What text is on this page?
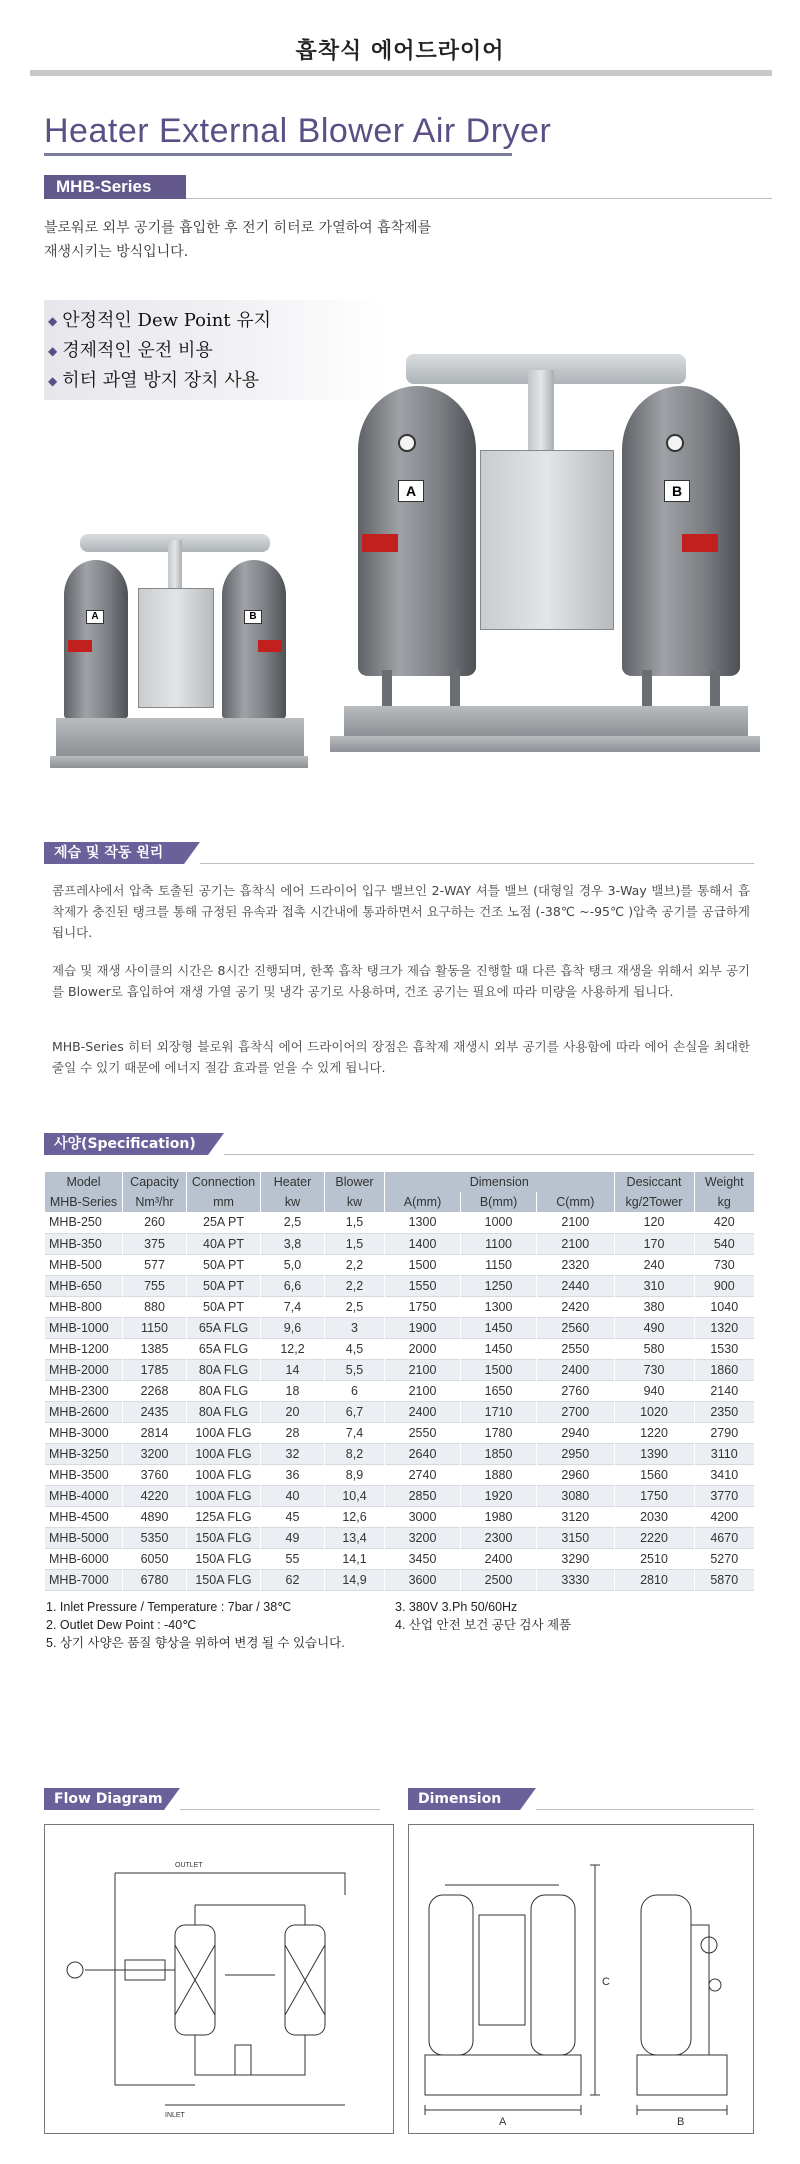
흡착식 에어드라이어
Heater External Blower Air Dryer
MHB-Series
블로워로 외부 공기를 흡입한 후 전기 히터로 가열하여 흡착제를
재생시키는 방식입니다.
◆ 안정적인 Dew Point 유지
◆ 경제적인 운전 비용
◆ 히터 과열 방지 장치 사용
A	B
A	B
제습 및 작동 원리
콤프레샤에서 압축 토출된 공기는 흡착식 에어 드라이어 입구 밸브인 2-WAY 셔틀 밸브 (대형일 경우 3-Way 밸브)를 통해서 흡착제가 충진된 탱크를 통해 규정된 유속과 접촉 시간내에 통과하면서 요구하는 건조 노점 (-38℃ ~-95℃ )압축 공기를 공급하게 됩니다.
제습 및 재생 사이클의 시간은 8시간 진행되며, 한쪽 흡착 탱크가 제습 활동을 진행할 때 다른 흡착 탱크 재생을 위해서 외부 공기를 Blower로 흡입하여 재생 가열 공기 및 냉각 공기로 사용하며, 건조 공기는 필요에 따라 미량을 사용하게 됩니다.
MHB-Series 히터 외장형 블로워 흡착식 에어 드라이어의 장점은 흡착제 재생시 외부 공기를 사용함에 따라 에어 손실을 최대한 줄일 수 있기 때문에 에너지 절감 효과를 얻을 수 있게 됩니다.
사양(Specification)
Model	Capacity	Connection	Heater	Blower	Dimension			Desiccant	Weight
MHB-Series	Nm³/hr	mm	kw	kw	A(mm)	B(mm)	C(mm)	kg/2Tower	kg
MHB-250	260	25A PT	2,5	1,5	1300	1000	2100	120	420
MHB-350	375	40A PT	3,8	1,5	1400	1100	2100	170	540
MHB-500	577	50A PT	5,0	2,2	1500	1150	2320	240	730
MHB-650	755	50A PT	6,6	2,2	1550	1250	2440	310	900
MHB-800	880	50A PT	7,4	2,5	1750	1300	2420	380	1040
MHB-1000	1150	65A FLG	9,6	3	1900	1450	2560	490	1320
MHB-1200	1385	65A FLG	12,2	4,5	2000	1450	2550	580	1530
MHB-2000	1785	80A FLG	14	5,5	2100	1500	2400	730	1860
MHB-2300	2268	80A FLG	18	6	2100	1650	2760	940	2140
MHB-2600	2435	80A FLG	20	6,7	2400	1710	2700	1020	2350
MHB-3000	2814	100A FLG	28	7,4	2550	1780	2940	1220	2790
MHB-3250	3200	100A FLG	32	8,2	2640	1850	2950	1390	3110
MHB-3500	3760	100A FLG	36	8,9	2740	1880	2960	1560	3410
MHB-4000	4220	100A FLG	40	10,4	2850	1920	3080	1750	3770
MHB-4500	4890	125A FLG	45	12,6	3000	1980	3120	2030	4200
MHB-5000	5350	150A FLG	49	13,4	3200	2300	3150	2220	4670
MHB-6000	6050	150A FLG	55	14,1	3450	2400	3290	2510	5270
MHB-7000	6780	150A FLG	62	14,9	3600	2500	3330	2810	5870
1. Inlet Pressure / Temperature : 7bar / 38℃
2. Outlet Dew Point : -40℃
5. 상기 사양은 품질 향상을 위하여 변경 될 수 있습니다.
3. 380V 3.Ph 50/60Hz
4. 산업 안전 보건 공단 검사 제품
Flow Diagram
OUTLET
INLET
Dimension
A
C
B
